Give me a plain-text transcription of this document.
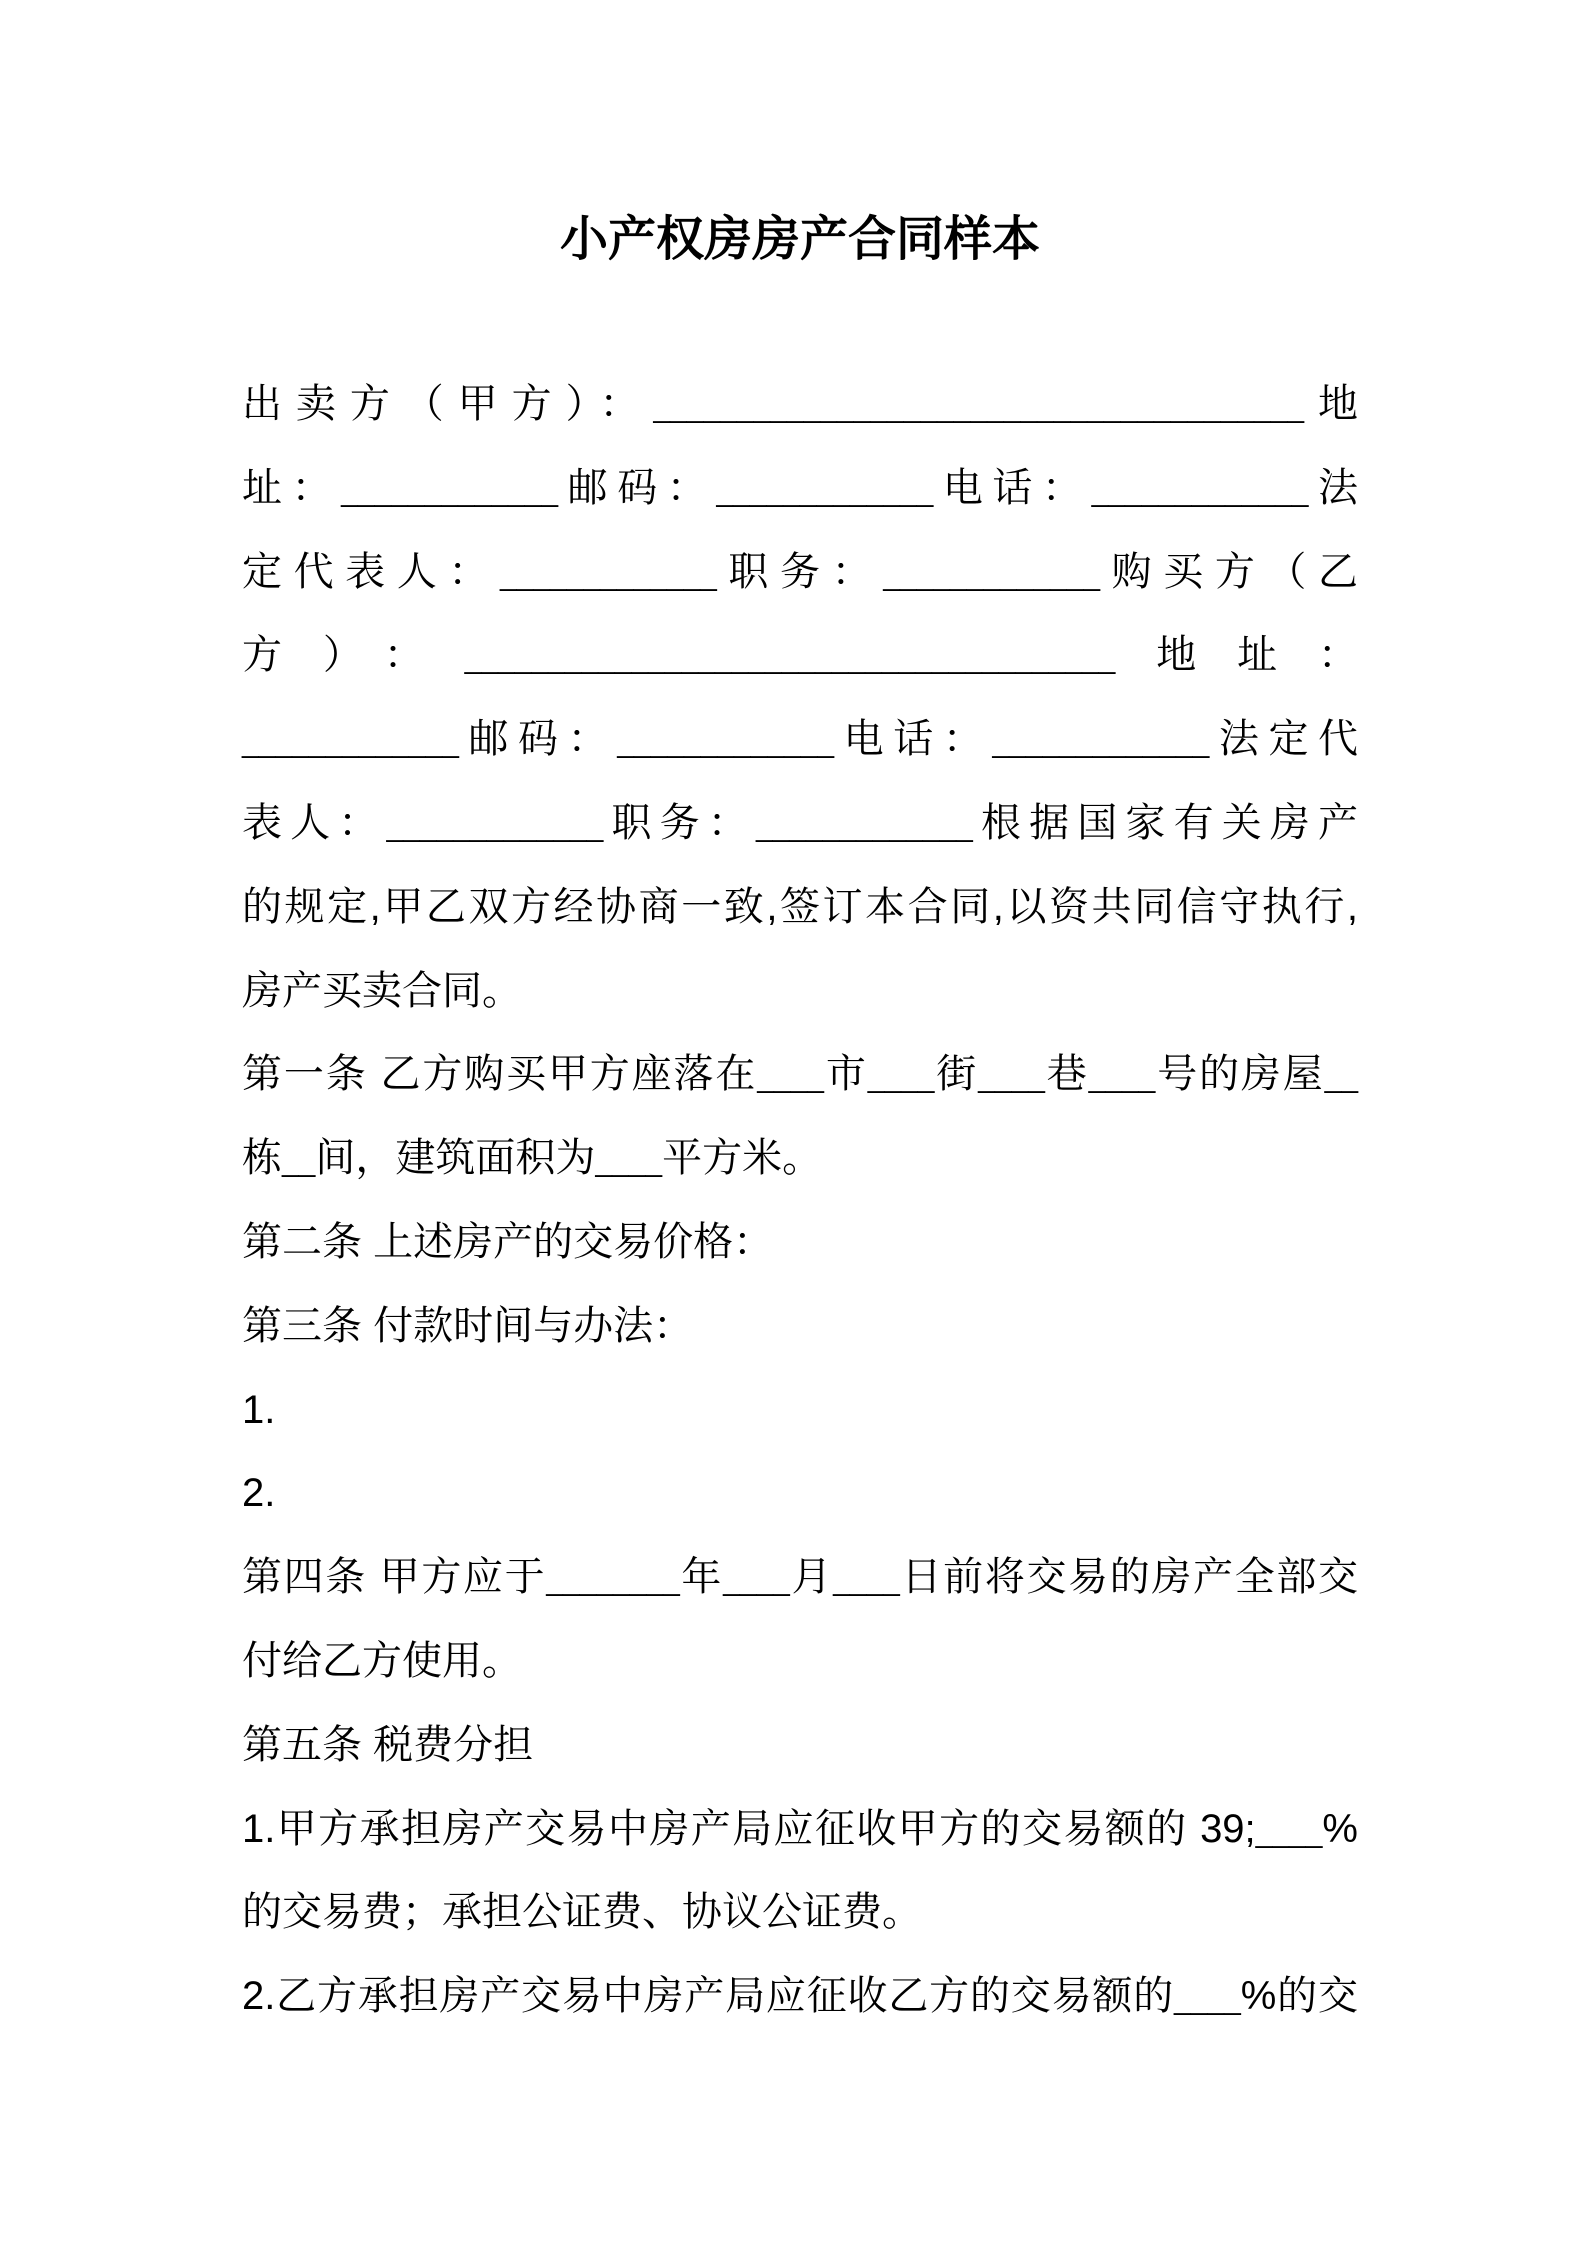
小产权房房产合同样本
出卖方（甲方）：_______________________________________地
址：_____________邮码：_____________电话：_____________法
定代表人：_____________职务：_____________购买方（乙
方）：_______________________________________地址：
_____________邮码：_____________电话：_____________法定代
表人：_____________职务：_____________根据国家有关房产
的规定,甲乙双方经协商一致,签订本合同,以资共同信守执行,
房产买卖合同。
第一条 乙方购买甲方座落在____市____街____巷____号的房屋__
栋__间，建筑面积为____平方米。
第二条 上述房产的交易价格：
第三条 付款时间与办法：
1.
2.
第四条 甲方应于________年____月____日前将交易的房产全部交
付给乙方使用。
第五条 税费分担
1.甲方承担房产交易中房产局应征收甲方的交易额的 39;____%
的交易费；承担公证费、协议公证费。
2.乙方承担房产交易中房产局应征收乙方的交易额的____%的交
